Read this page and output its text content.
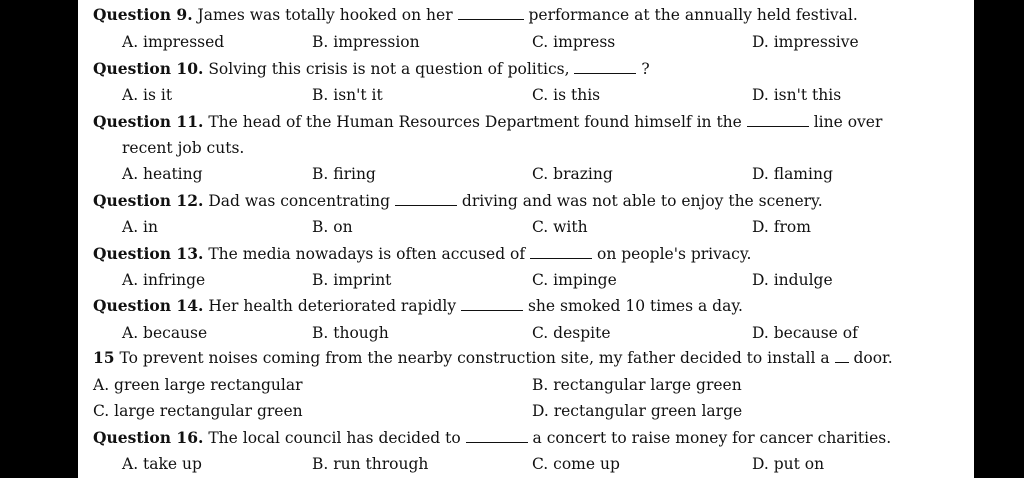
Question 9. James was totally hooked on her	performance at the annually held festival.
A. impressed	B. impression	C. impress	D. impressive
Question 10. Solving this crisis is not a question of politics,	?
A. is it	B. isn't it	C. is this	D. isn't this
Question 11. The head of the Human Resources Department found himself in the	line over
recent job cuts.
A. heating	B. firing	C. brazing	D. flaming
Question 12. Dad was concentrating	driving and was not able to enjoy the scenery.
A. in	B. on	C. with	D. from
Question 13. The media nowadays is often accused of	on people's privacy.
A. infringe	B. imprint	C. impinge	D. indulge
Question 14. Her health deteriorated rapidly	she smoked 10 times a day.
A. because	B. though	C. despite	D. because of
15 To prevent noises coming from the nearby construction site, my father decided to install a  door.
A. green large rectangular	B. rectangular large green
C. large rectangular green	D. rectangular green large
Question 16. The local council has decided to	a concert to raise money for cancer charities.
A. take up	B. run through	C. come up	D. put on
